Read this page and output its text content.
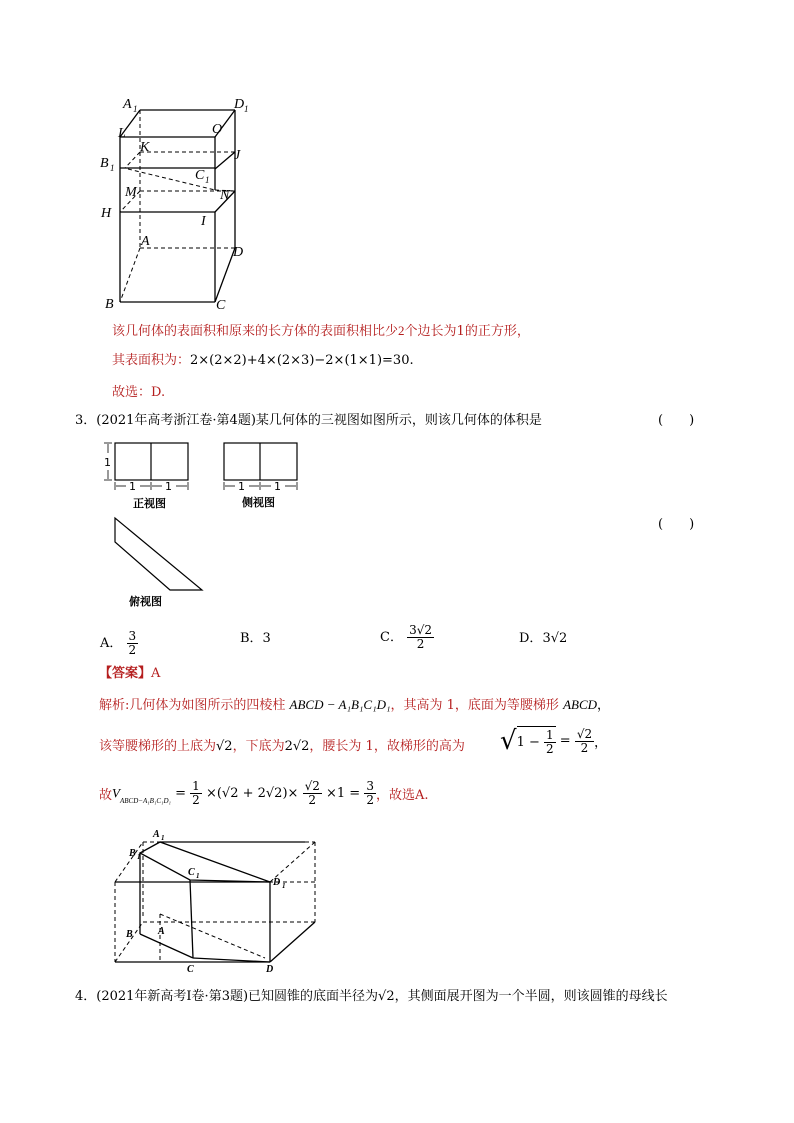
A 1	D 1
L	O
B 1
K
J
C 1
M	N
H
I
A
D
B	C
该几何体的表面积和原来的长方体的表面积相比少2个边长为1的正方形，
其表面积为：2×(2×2)+4×(2×3)−2×(1×1)=30.
故选：D.
3．(2021年高考浙江卷·第4题)某几何体的三视图如图所示，则该几何体的体积是	(　　)
1	1	1	1
1
正视图	侧视图
(　　)
俯视图
A． $\frac{3}{2}$	B．3	C． $\frac{3√2}{2}$	D．3√2
【答案】A
解析:几何体为如图所示的四棱柱 ABCD − A₁B₁C₁D₁，其高为 1，底面为等腰梯形 ABCD，
该等腰梯形的上底为√2，下底为2√2，腰长为 1，故梯形的高为 $√1 - \frac{1}{2} = \frac{√2}{2}$ ，
故$V_{ABCD-A_1B_1C_1D_1} = \frac{1}{2} \times(√2 + 2√2)\times \frac{√2}{2} \times 1 = \frac{3}{2}$ ，故选A.
A 1
B 1
C 1
D 1
B	A
C	D
4．(2021年新高考Ⅰ卷·第3题)已知圆锥的底面半径为√2，其侧面展开图为一个半圆，则该圆锥的母线长
